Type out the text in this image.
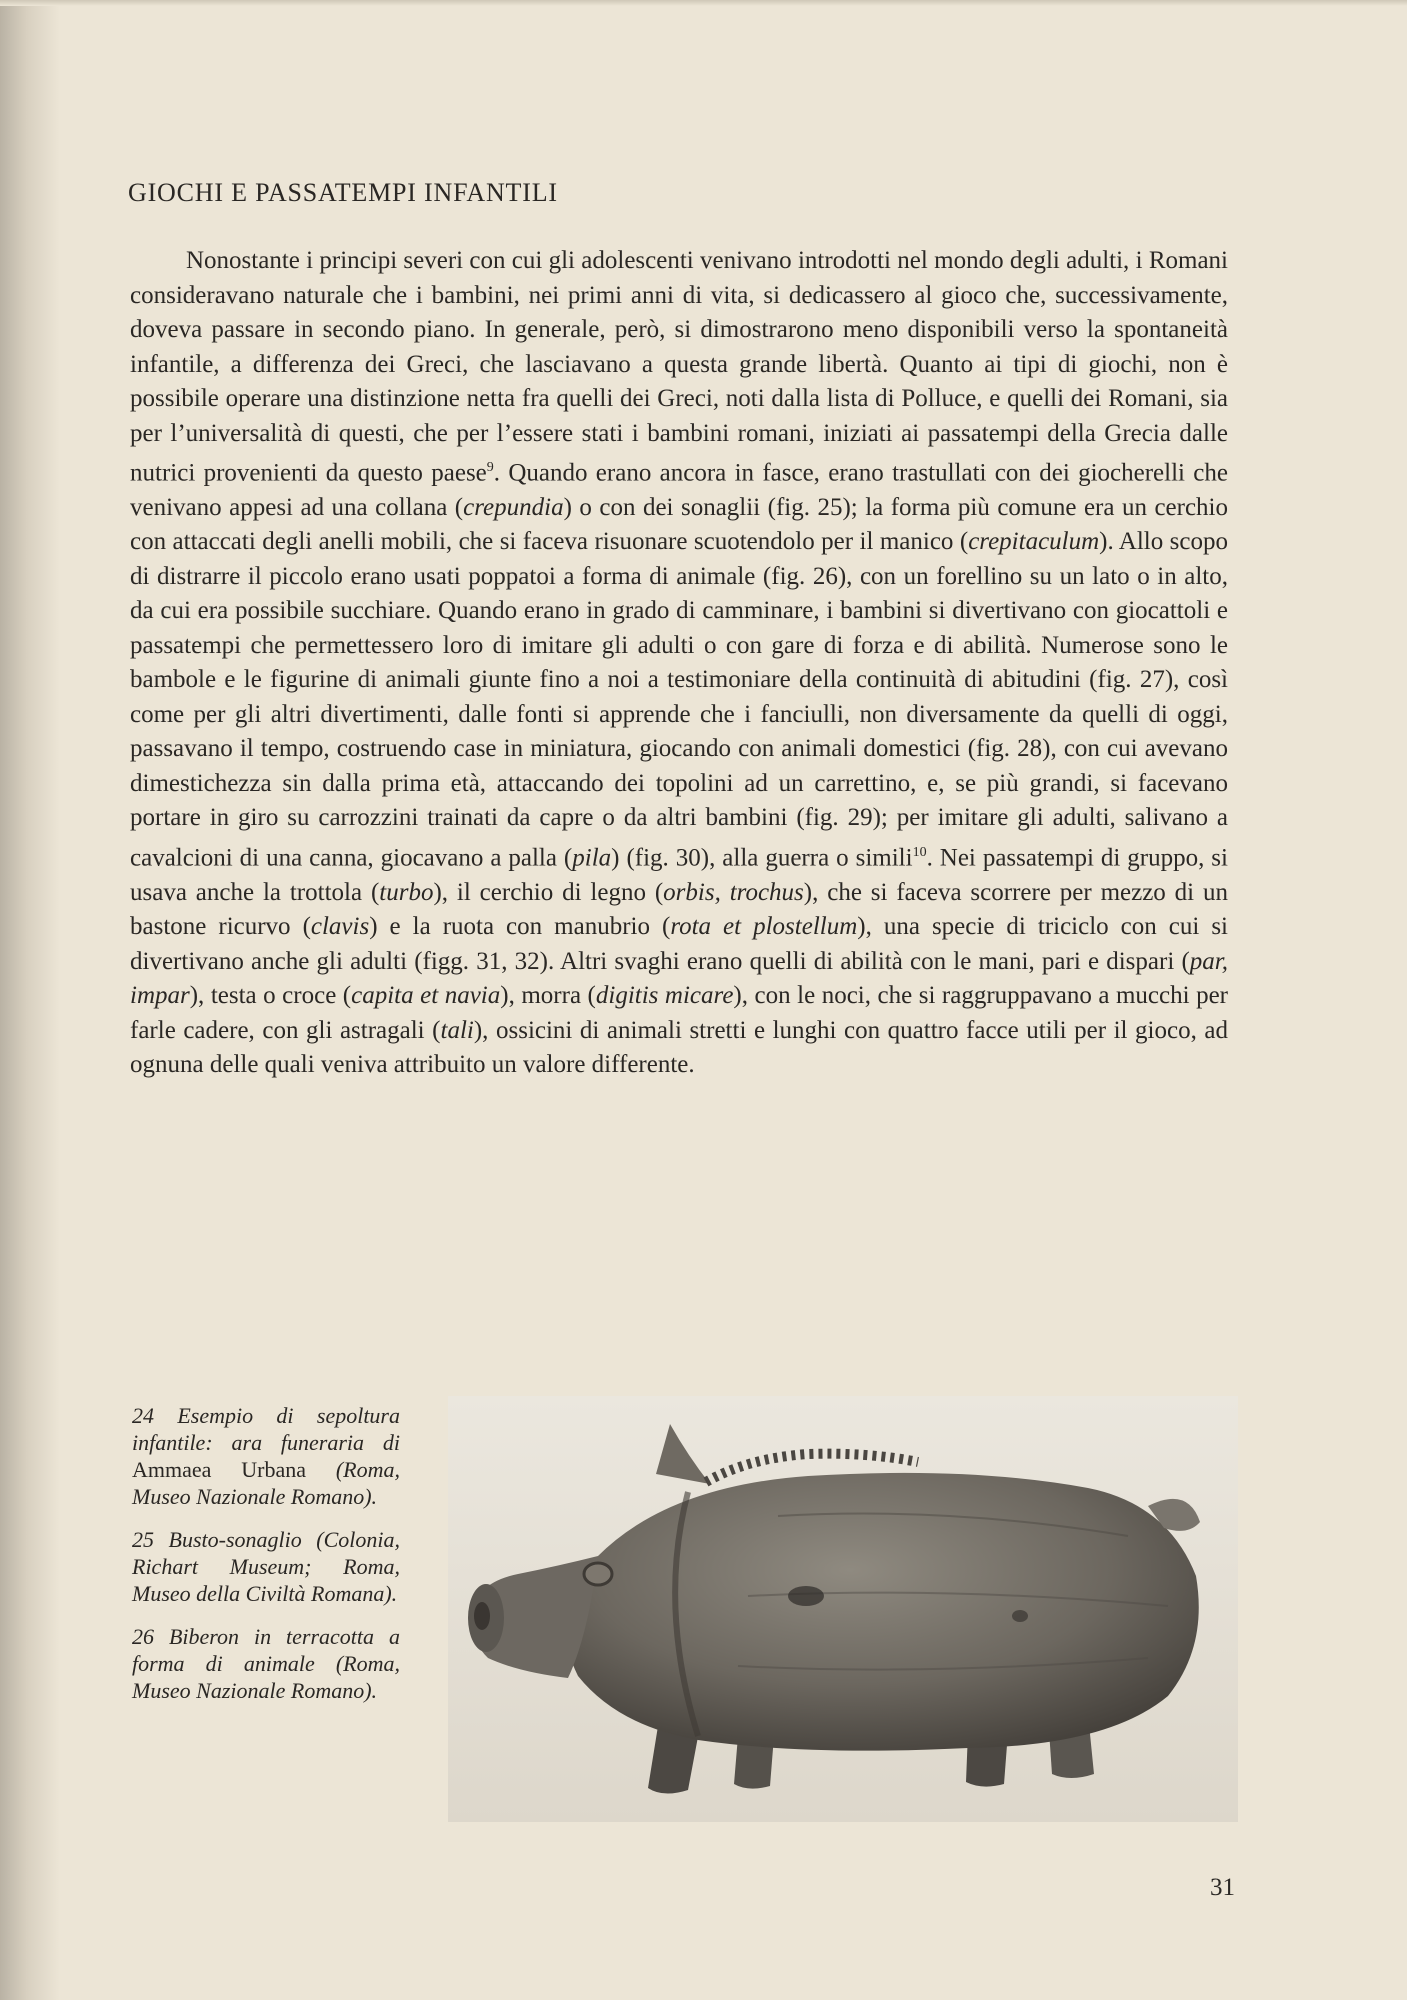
GIOCHI E PASSATEMPI INFANTILI

Nonostante i principi severi con cui gli adolescenti venivano introdotti nel mondo degli adulti, i Romani consideravano naturale che i bambini, nei primi anni di vita, si dedicassero al gioco che, successivamente, doveva passare in secondo piano. In generale, però, si dimostrarono meno disponibili verso la spontaneità infantile, a differenza dei Greci, che lasciavano a questa grande libertà. Quanto ai tipi di giochi, non è possibile operare una distinzione netta fra quelli dei Greci, noti dalla lista di Polluce, e quelli dei Romani, sia per l’universalità di questi, che per l’essere stati i bambini romani, iniziati ai passatempi della Grecia dalle nutrici provenienti da questo paese$^9$. Quando erano ancora in fasce, erano trastullati con dei giocherelli che venivano appesi ad una collana (crepundia) o con dei sonaglii (fig. 25); la forma più comune era un cerchio con attaccati degli anelli mobili, che si faceva risuonare scuotendolo per il manico (crepitaculum). Allo scopo di distrarre il piccolo erano usati poppatoi a forma di animale (fig. 26), con un forellino su un lato o in alto, da cui era possibile succhiare. Quando erano in grado di camminare, i bambini si divertivano con giocattoli e passatempi che permettessero loro di imitare gli adulti o con gare di forza e di abilità. Numerose sono le bambole e le figurine di animali giunte fino a noi a testimoniare della continuità di abitudini (fig. 27), così come per gli altri divertimenti, dalle fonti si apprende che i fanciulli, non diversamente da quelli di oggi, passavano il tempo, costruendo case in miniatura, giocando con animali domestici (fig. 28), con cui avevano dimestichezza sin dalla prima età, attaccando dei topolini ad un carrettino, e, se più grandi, si facevano portare in giro su carrozzini trainati da capre o da altri bambini (fig. 29); per imitare gli adulti, salivano a cavalcioni di una canna, giocavano a palla (pila) (fig. 30), alla guerra o simili$^{10}$. Nei passatempi di gruppo, si usava anche la trottola (turbo), il cerchio di legno (orbis, trochus), che si faceva scorrere per mezzo di un bastone ricurvo (clavis) e la ruota con manubrio (rota et plostellum), una specie di triciclo con cui si divertivano anche gli adulti (figg. 31, 32). Altri svaghi erano quelli di abilità con le mani, pari e dispari (par, impar), testa o croce (capita et navia), morra (digitis micare), con le noci, che si raggruppavano a mucchi per farle cadere, con gli astragali (tali), ossicini di animali stretti e lunghi con quattro facce utili per il gioco, ad ognuna delle quali veniva attribuito un valore differente.

24 Esempio di sepoltura infantile: ara funeraria di Ammaea Urbana (Roma, Museo Nazionale Romano).

25 Busto-sonaglio (Colonia, Richart Museum; Roma, Museo della Civiltà Romana).

26 Biberon in terracotta a forma di animale (Roma, Museo Nazionale Romano).

31
